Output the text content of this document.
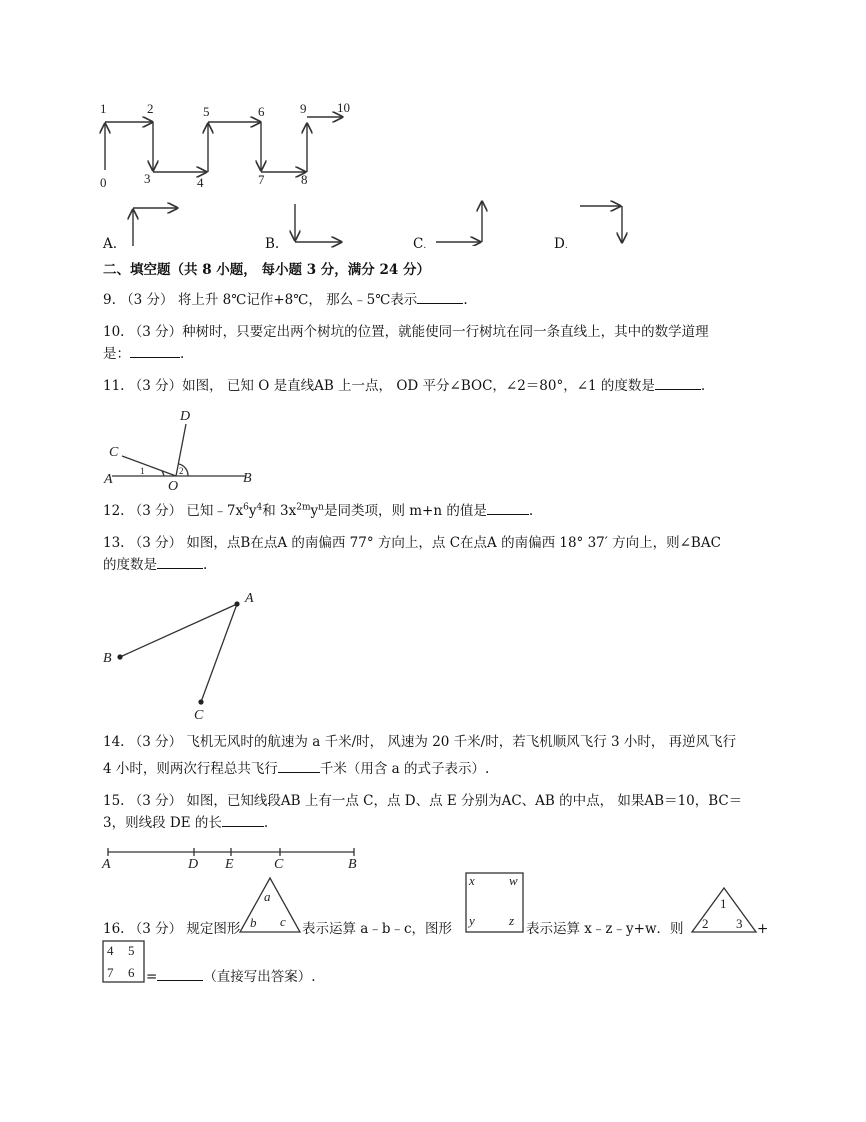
1	2	5	6	9 10
0	3	4	7	8
A.	B.	C.	D.
二、填空题（共 8 小题， 每小题 3 分，满分 24 分）
9. （3 分） 将上升 8℃记作+8℃， 那么﹣5℃表示	.
10. （3 分）种树时，只要定出两个树坑的位置，就能使同一行树坑在同一条直线上，其中的数学道理
是：	.
11. （3 分）如图， 已知 O 是直线AB 上一点， OD 平分∠BOC，∠2＝80°，∠1 的度数是	.
D
C
A
1	2
O
B
12. （3 分） 已知$﹣7x^6y^4$和 $3x^{2m}y^n$是同类项，则 m+n 的值是	.
13. （3 分） 如图，点B在点A 的南偏西 77° 方向上，点 C在点A 的南偏西 18° 37′ 方向上，则∠BAC
的度数是	.
A
B
C
14. （3 分） 飞机无风时的航速为 a 千米/时， 风速为 20 千米/时，若飞机顺风飞行 3 小时， 再逆风飞行
4 小时，则两次行程总共飞行	千米（用含 a 的式子表示）.
15. （3 分） 如图，已知线段AB 上有一点 C，点 D、点 E 分别为AC、AB 的中点， 如果AB＝10，BC＝
3，则线段 DE 的长	.
A	D E	C	B
16. （3 分） 规定图形
a
b c 表示运算 a﹣b﹣c，图形
x	w
y	z
表示运算 x﹣z﹣y+w．则
1
2 3 +
4 5
7 6 =	（直接写出答案）.
